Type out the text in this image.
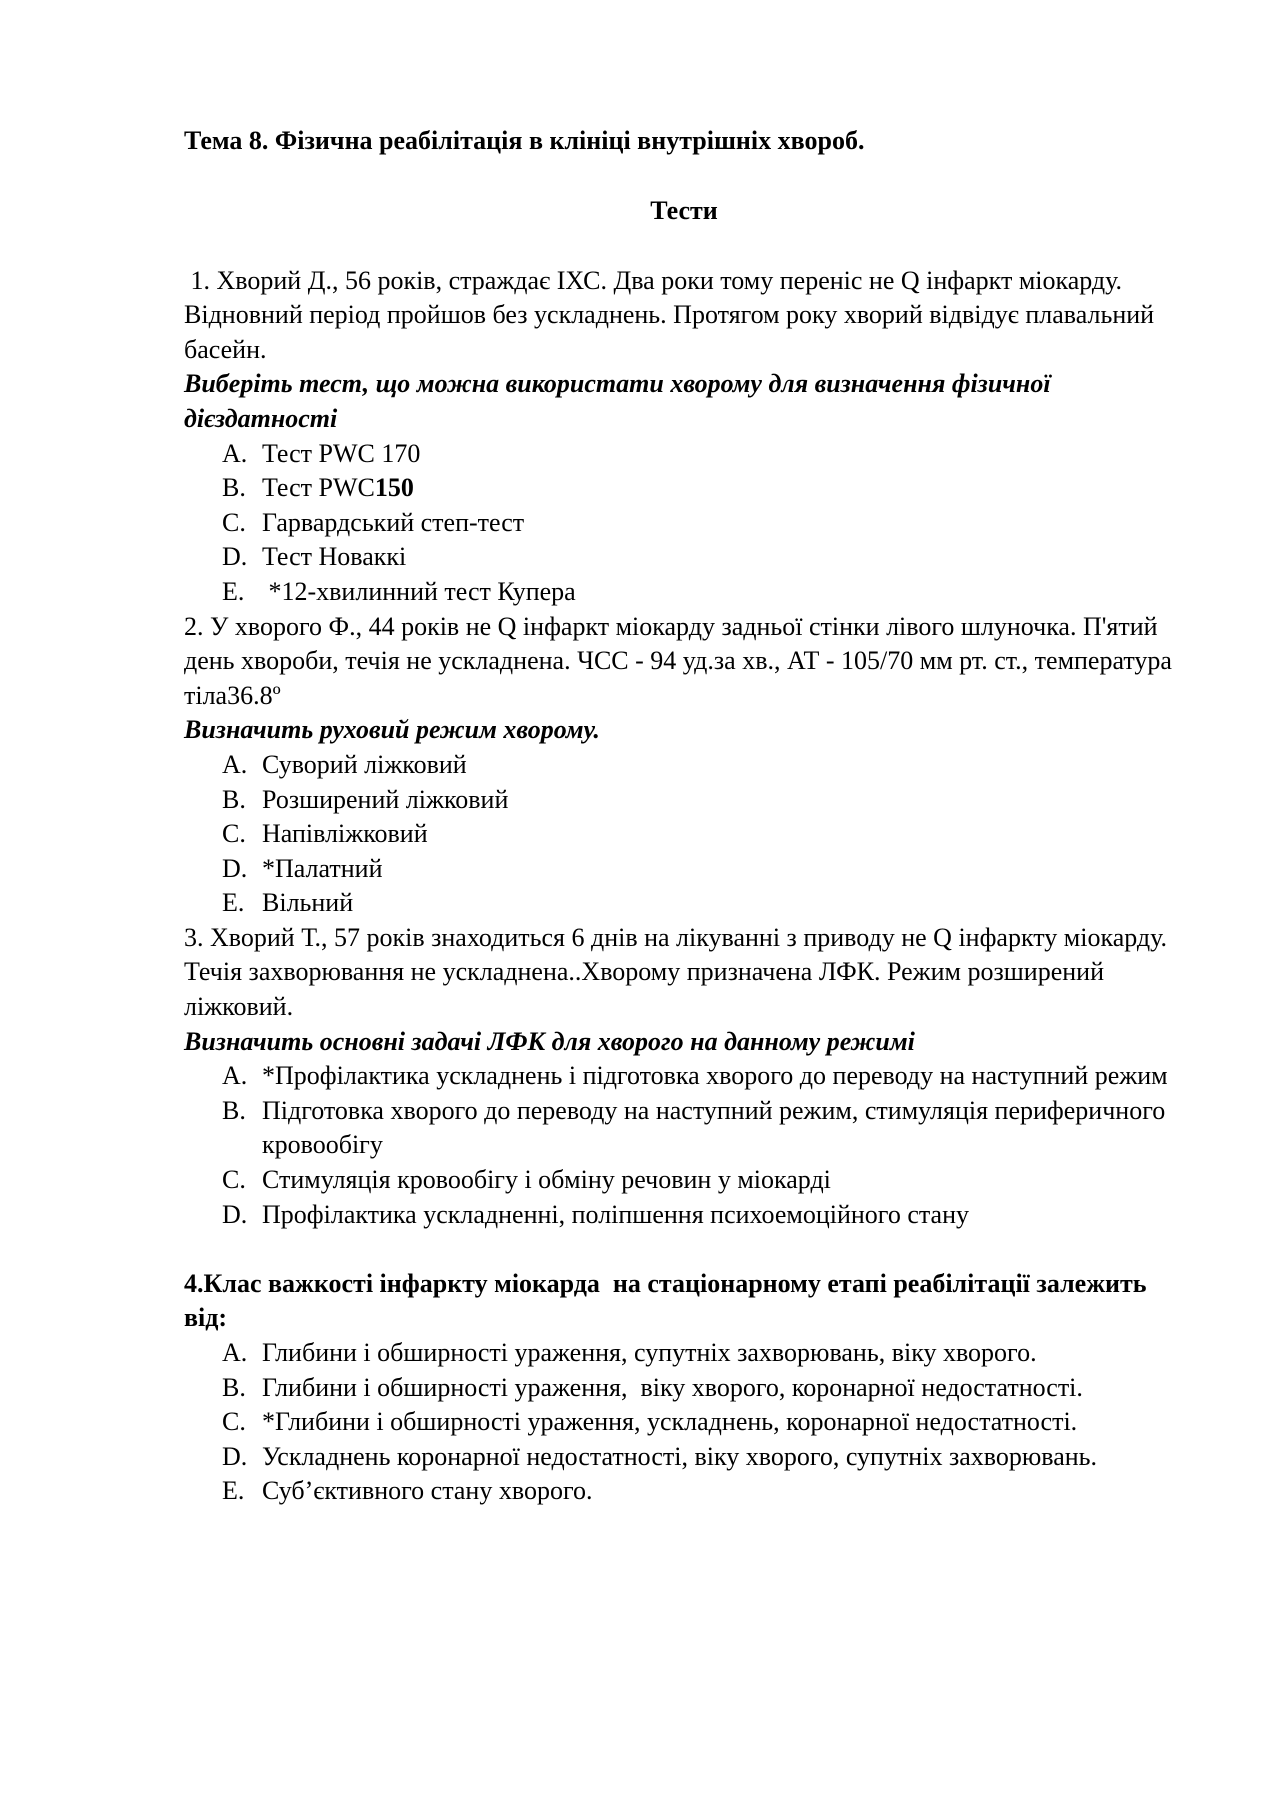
Тема 8. Фізична реабілітація в клініці внутрішніх хвороб.

Тести

1. Хворий Д., 56 років, страждає ІХС. Два роки тому переніс не Q інфаркт міокарду. Відновний період пройшов без ускладнень. Протягом року хворий відвідує плавальний басейн.

Виберіть тест, що можна використати хворому для визначення фізичної дієздатності

A. Тест PWC 170
B. Тест PWC150
C. Гарвардський степ-тест
D. Тест Новаккі
E. *12-хвилинний тест Купера

2. У хворого Ф., 44 років не Q інфаркт міокарду задньої стінки лівого шлуночка. П'ятий день хвороби, течія не ускладнена. ЧСС - 94 уд.за хв., АТ - 105/70 мм рт. ст., температура тіла36.8º

Визначить руховий режим хворому.

A. Суворий ліжковий
B. Розширений ліжковий
C. Напівліжковий
D. *Палатний
E. Вільний

3. Хворий Т., 57 років знаходиться 6 днів на лікуванні з приводу не Q інфаркту міокарду. Течія захворювання не ускладнена..Хворому призначена ЛФК. Режим розширений ліжковий.

Визначить основні задачі ЛФК для хворого на данному режимі

A. *Профілактика ускладнень і підготовка хворого до переводу на наступний режим
B. Підготовка хворого до переводу на наступний режим, стимуляція периферичного кровообігу
C. Стимуляція кровообігу і обміну речовин у міокарді
D. Профілактика ускладненні, поліпшення психоемоційного стану

4.Клас важкості інфаркту міокарда  на стаціонарному етапі реабілітації залежить від:

A. Глибини і обширності ураження, супутніх захворювань, віку хворого.
B. Глибини і обширності ураження,  віку хворого, коронарної недостатності.
C. *Глибини і обширності ураження, ускладнень, коронарної недостатності.
D. Ускладнень коронарної недостатності, віку хворого, супутніх захворювань.
E. Суб’єктивного стану хворого.
